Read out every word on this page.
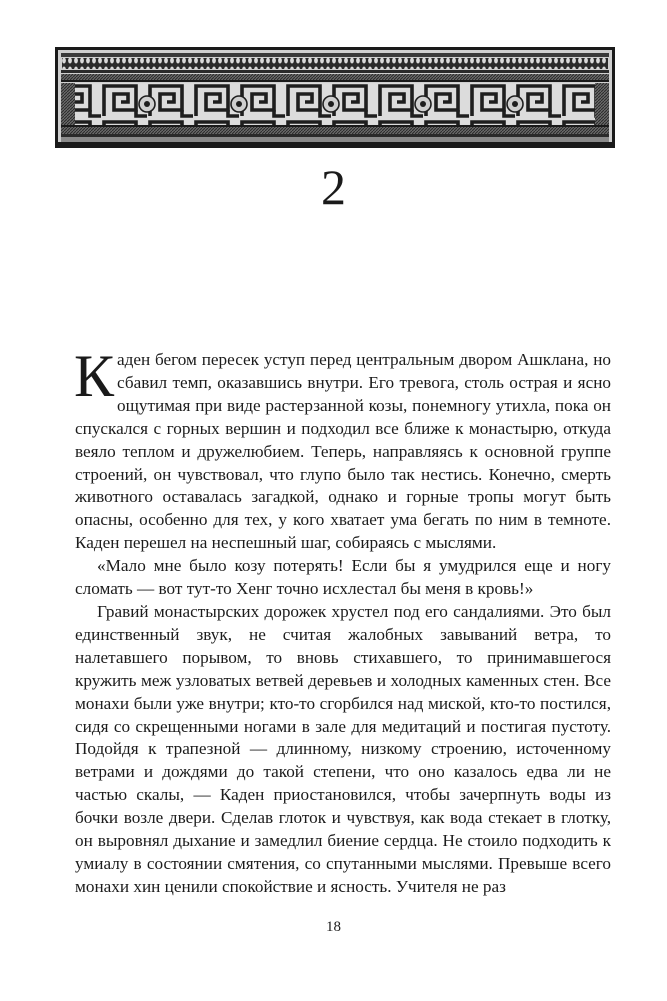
2

Каден бегом пересек уступ перед центральным двором Ашклана, но сбавил темп, оказавшись внутри. Его тревога, столь острая и ясно ощутимая при виде растерзанной козы, понемногу утихла, пока он спускался с горных вершин и подходил все ближе к монастырю, откуда веяло теплом и дружелюбием. Теперь, направляясь к основной группе строений, он чувствовал, что глупо было так нестись. Конечно, смерть животного оставалась загадкой, однако и горные тропы могут быть опасны, особенно для тех, у кого хватает ума бегать по ним в темноте. Каден перешел на неспешный шаг, собираясь с мыслями.

«Мало мне было козу потерять! Если бы я умудрился еще и ногу сломать — вот тут-то Хенг точно исхлестал бы меня в кровь!»

Гравий монастырских дорожек хрустел под его сандалиями. Это был единственный звук, не считая жалобных завываний ветра, то налетавшего порывом, то вновь стихавшего, то принимавшегося кружить меж узловатых ветвей деревьев и холодных каменных стен. Все монахи были уже внутри; кто-то сгорбился над миской, кто-то постился, сидя со скрещенными ногами в зале для медитаций и постигая пустоту. Подойдя к трапезной — длинному, низкому строению, источенному ветрами и дождями до такой степени, что оно казалось едва ли не частью скалы, — Каден приостановился, чтобы зачерпнуть воды из бочки возле двери. Сделав глоток и чувствуя, как вода стекает в глотку, он выровнял дыхание и замедлил биение сердца. Не стоило подходить к умиалу в состоянии смятения, со спутанными мыслями. Превыше всего монахи хин ценили спокойствие и ясность. Учителя не раз

18
